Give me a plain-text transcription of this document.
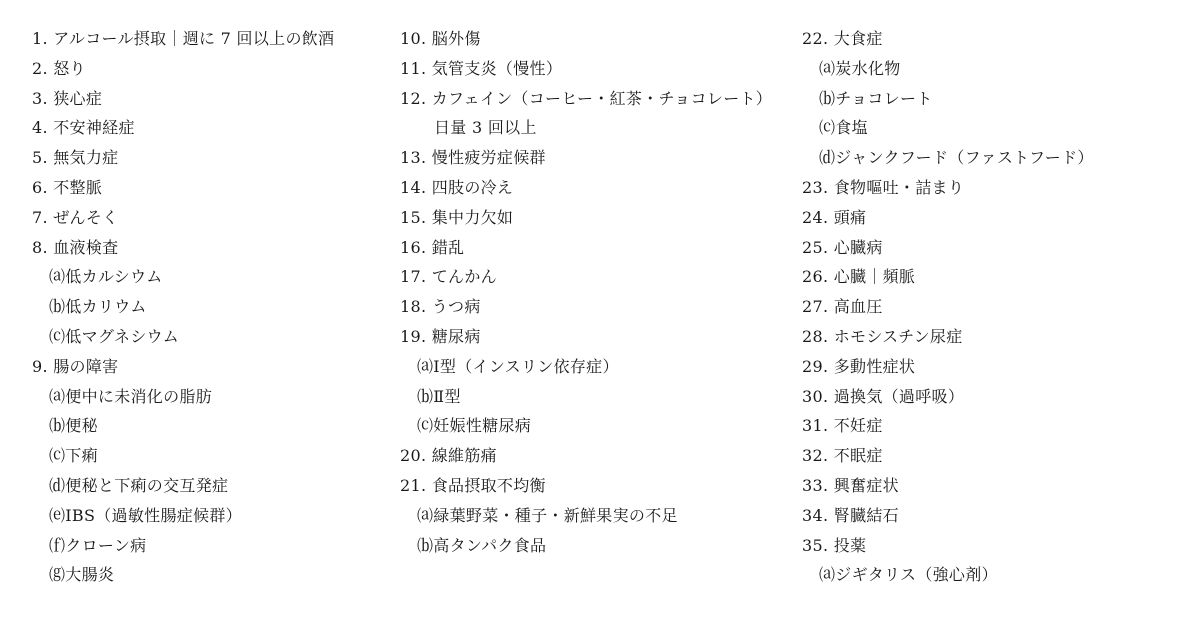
1. アルコール摂取｜週に 7 回以上の飲酒
2. 怒り
3. 狭心症
4. 不安神経症
5. 無気力症
6. 不整脈
7. ぜんそく
8. 血液検査
⒜低カルシウム
⒝低カリウム
⒞低マグネシウム
9. 腸の障害
⒜便中に未消化の脂肪
⒝便秘
⒞下痢
⒟便秘と下痢の交互発症
⒠IBS（過敏性腸症候群）
⒡クローン病
⒢大腸炎
10. 脳外傷
11. 気管支炎（慢性）
12. カフェイン（コーヒー・紅茶・チョコレート）
日量 3 回以上
13. 慢性疲労症候群
14. 四肢の冷え
15. 集中力欠如
16. 錯乱
17. てんかん
18. うつ病
19. 糖尿病
⒜Ⅰ型（インスリン依存症）
⒝Ⅱ型
⒞妊娠性糖尿病
20. 線維筋痛
21. 食品摂取不均衡
⒜緑葉野菜・種子・新鮮果実の不足
⒝高タンパク食品
22. 大食症
⒜炭水化物
⒝チョコレート
⒞食塩
⒟ジャンクフード（ファストフード）
23. 食物嘔吐・詰まり
24. 頭痛
25. 心臓病
26. 心臓｜頻脈
27. 高血圧
28. ホモシスチン尿症
29. 多動性症状
30. 過換気（過呼吸）
31. 不妊症
32. 不眠症
33. 興奮症状
34. 腎臓結石
35. 投薬
⒜ジギタリス（強心剤）
